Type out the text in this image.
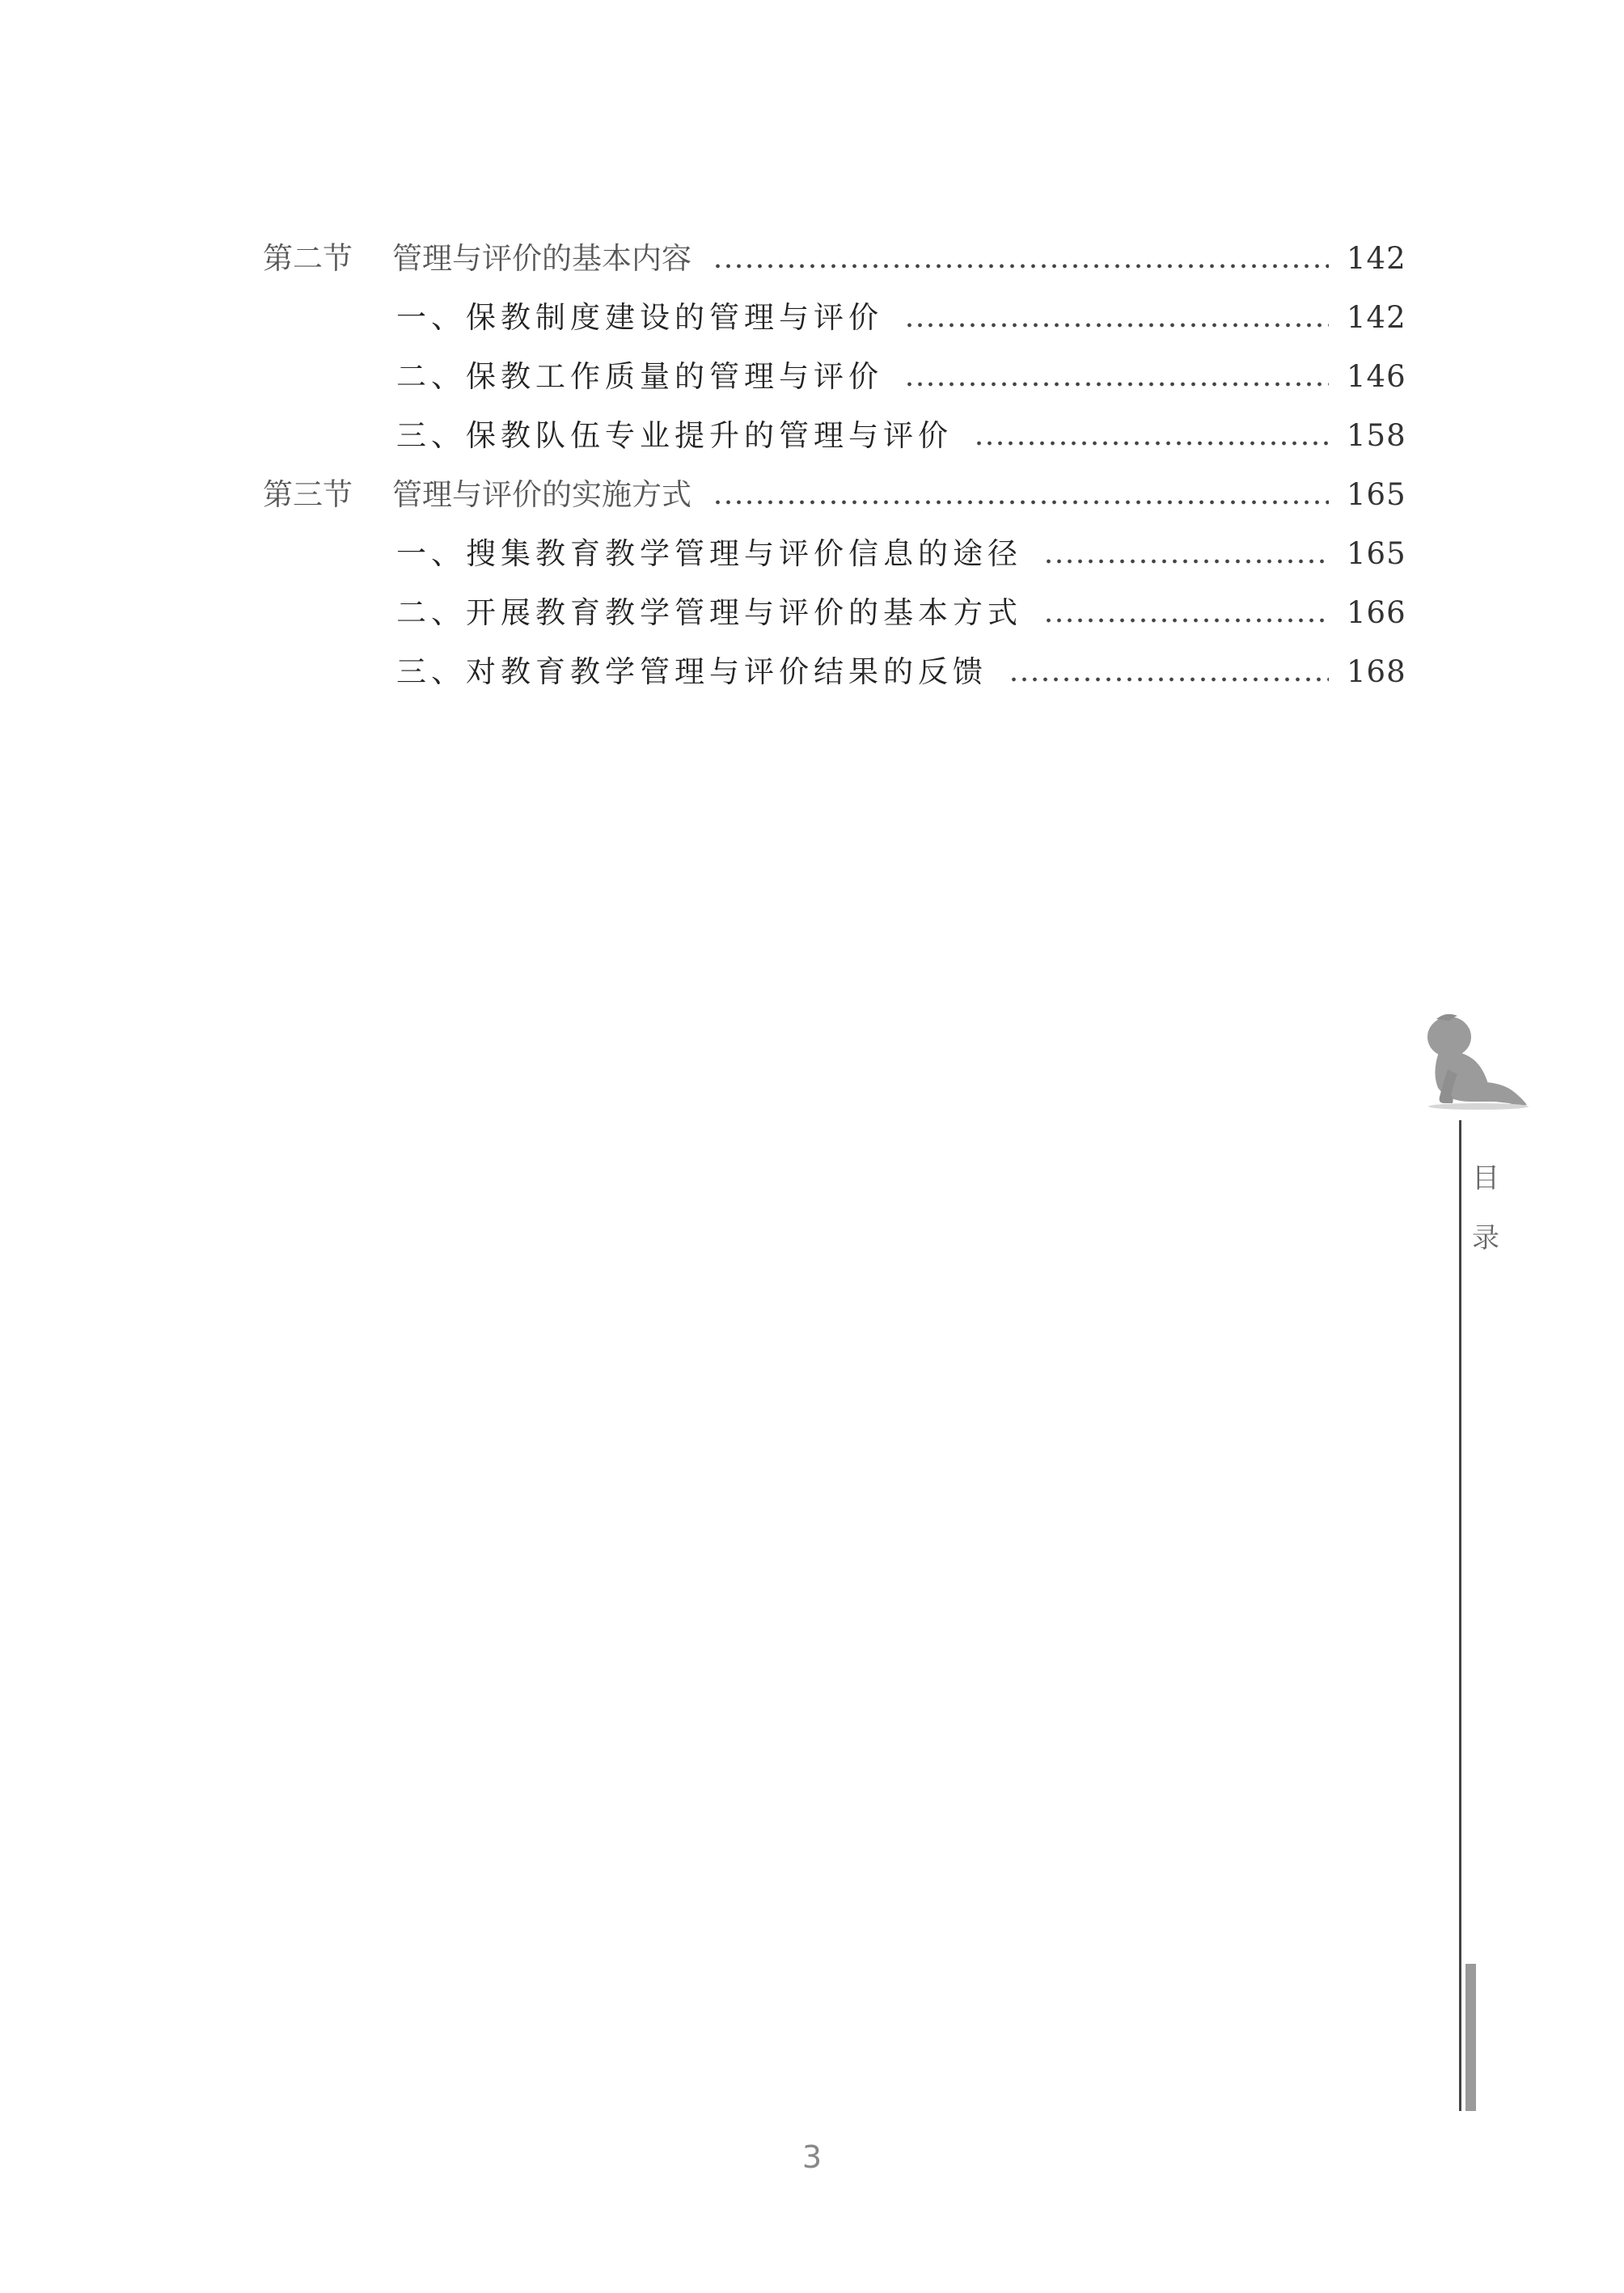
第二节	管理与评价的基本内容	142
一、保教制度建设的管理与评价	142
二、保教工作质量的管理与评价	146
三、保教队伍专业提升的管理与评价	158
第三节	管理与评价的实施方式	165
一、搜集教育教学管理与评价信息的途径	165
二、开展教育教学管理与评价的基本方式	166
三、对教育教学管理与评价结果的反馈	168
目
录
3
